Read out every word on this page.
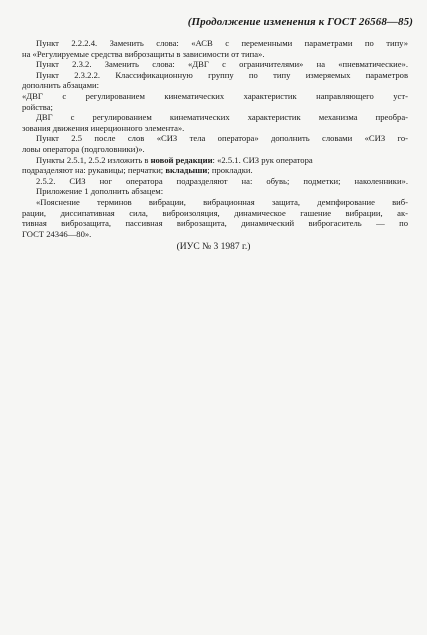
(Продолжение изменения к ГОСТ 26568—85)
Пункт 2.2.2.4. Заменить слова: «АСВ с переменными параметрами по типу»
на «Регулируемые средства виброзащиты в зависимости от типа».
Пункт 2.3.2. Заменить слова: «ДВГ с ограничителями» на «пневматические».
Пункт 2.3.2.2. Классификационную группу по типу измеряемых параметров
дополнить абзацами:
«ДВГ с регулированием кинематических характеристик направляющего уст-
ройства;
ДВГ с регулированием кинематических характеристик механизма преобра-
зования движения инерционного элемента».
Пункт 2.5 после слов «СИЗ тела оператора» дополнить словами «СИЗ го-
ловы оператора (подголовники)».
Пункты 2.5.1, 2.5.2 изложить в новой редакции: «2.5.1. СИЗ рук оператора
подразделяют на: рукавицы; перчатки; вкладыши; прокладки.
2.5.2. СИЗ ног оператора подразделяют на: обувь; подметки; наколенники».
Приложение 1 дополнить абзацем:
«Пояснение терминов вибрации, вибрационная защита, демпфирование виб-
рации, диссипативная сила, виброизоляция, динамическое гашение вибрации, ак-
тивная виброзащита, пассивная виброзащита, динамический виброгаситель — по
ГОСТ 24346—80».
(ИУС № 3 1987 г.)
